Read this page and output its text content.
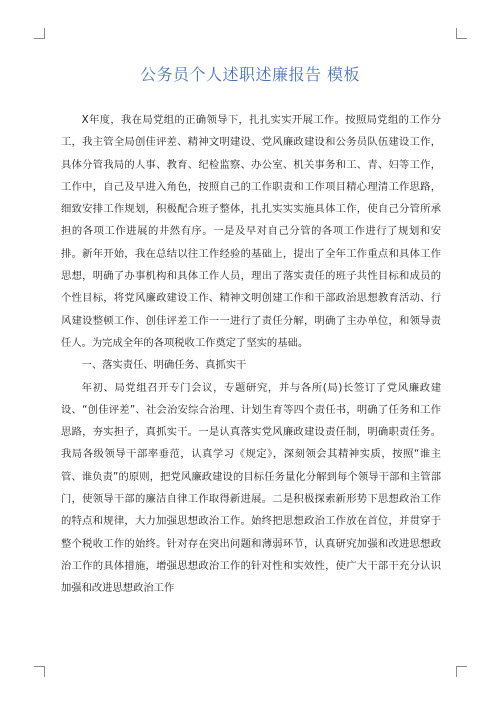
公务员个人述职述廉报告 模板

X年度，我在局党组的正确领导下，扎扎实实开展工作。按照局党组的工作分工，我主管全局创佳评差、精神文明建设、党风廉政建设和公务员队伍建设工作，具体分管我局的人事、教育、纪检监察、办公室、机关事务和工、青、妇等工作，工作中，自己及早进入角色，按照自己的工作职责和工作项目精心理清工作思路，细致安排工作规划，积极配合班子整体，扎扎实实实施具体工作，使自己分管所承担的各项工作进展的井然有序。一是及早对自己分管的各项工作进行了规划和安排。新年开始，我在总结以往工作经验的基础上，提出了全年工作重点和具体工作思想，明确了办事机构和具体工作人员，理出了落实责任的班子共性目标和成员的个性目标，将党风廉政建设工作、精神文明创建工作和干部政治思想教育活动、行风建设整顿工作、创佳评差工作一一进行了责任分解，明确了主办单位，和领导责任人。为完成全年的各项税收工作奠定了坚实的基础。

一、落实责任、明确任务、真抓实干

年初、局党组召开专门会议，专题研究，并与各所(局)长签订了党风廉政建设、“创佳评差”、社会治安综合治理、计划生育等四个责任书，明确了任务和工作思路，夯实担子，真抓实干。一是认真落实党风廉政建设责任制，明确职责任务。我局各级领导干部率垂范，认真学习《规定》，深刻领会其精神实质，按照“谁主管、谁负责”的原则，把党风廉政建设的目标任务量化分解到每个领导干部和主管部门，使领导干部的廉洁自律工作取得新进展。二是积极探索新形势下思想政治工作的特点和规律，大力加强思想政治工作。始终把思想政治工作放在首位，并贯穿于整个税收工作的始终。针对存在突出问题和薄弱环节，认真研究加强和改进思想政治工作的具体措施，增强思想政治工作的针对性和实效性，使广大干部干充分认识加强和改进思想政治工作
